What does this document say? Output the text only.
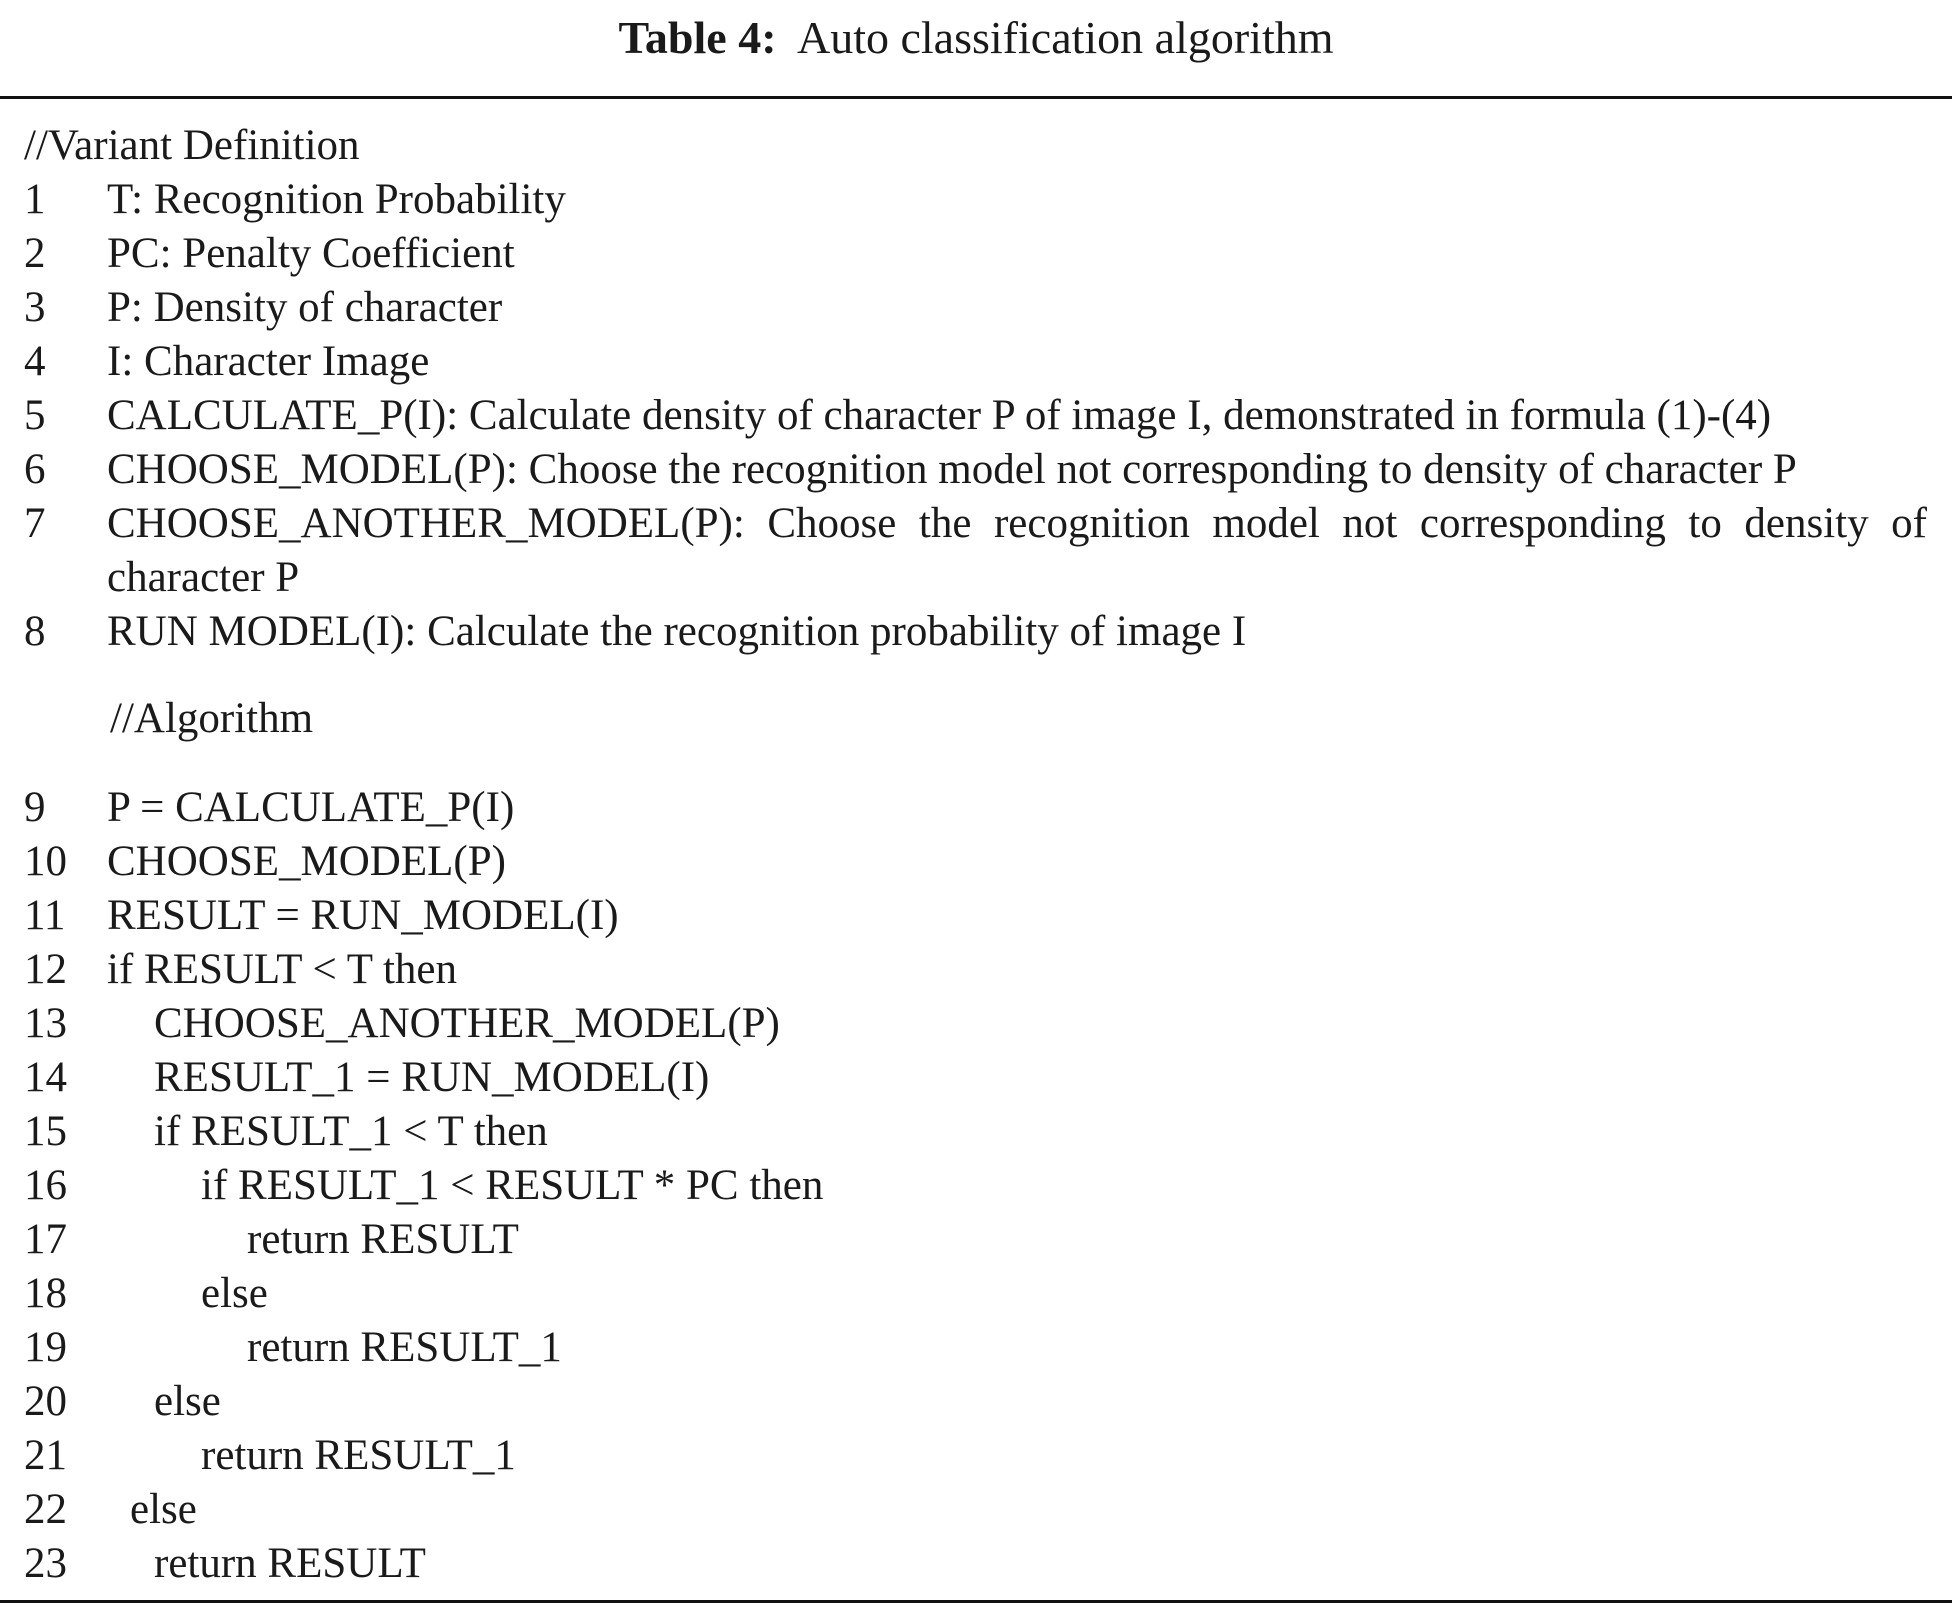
Table 4: Auto classification algorithm
//Variant Definition
1 T: Recognition Probability
2 PC: Penalty Coefficient
3 P: Density of character
4 I: Character Image
5 CALCULATE_P(I): Calculate density of character P of image I, demonstrated in formula (1)-(4)
6 CHOOSE_MODEL(P): Choose the recognition model not corresponding to density of character P
7 CHOOSE_ANOTHER_MODEL(P): Choose the recognition model not corresponding to density of
character P
8 RUN MODEL(I): Calculate the recognition probability of image I
//Algorithm
9 P = CALCULATE_P(I)
10 CHOOSE_MODEL(P)
11 RESULT = RUN_MODEL(I)
12 if RESULT < T then
13 CHOOSE_ANOTHER_MODEL(P)
14 RESULT_1 = RUN_MODEL(I)
15 if RESULT_1 < T then
16	if RESULT_1 < RESULT * PC then
17	return RESULT
18	else
19	return RESULT_1
20 else
21	return RESULT_1
22 else
23 return RESULT
